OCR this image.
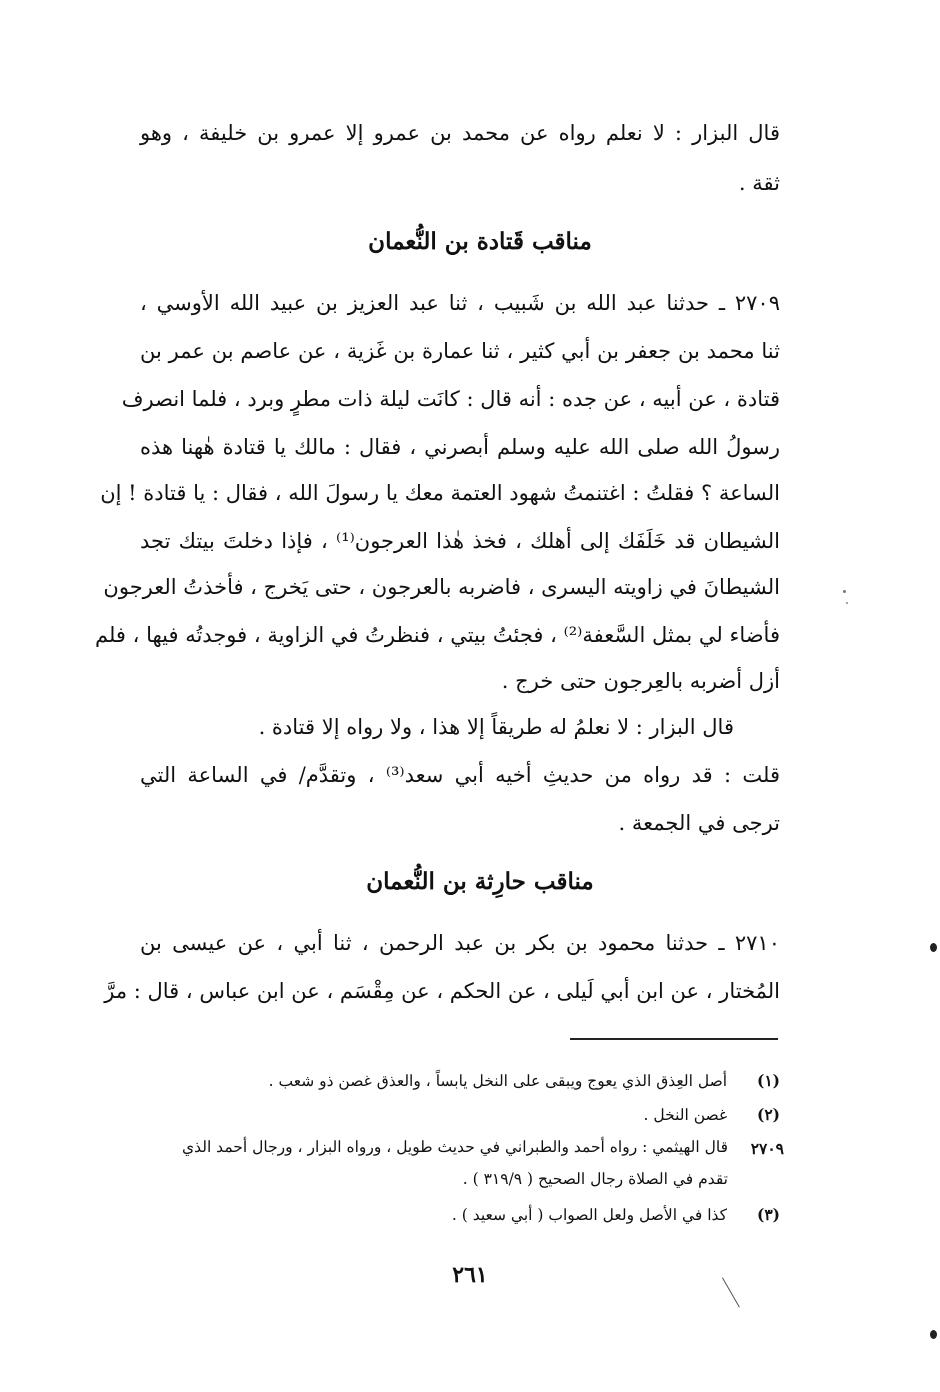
قال البزار : لا نعلم رواه عن محمد بن عمرو إلا عمرو بن خليفة ، وهو
ثقة .
مناقب قَتادة بن النُّعمان
٢٧٠٩ ـ حدثنا عبد الله بن شَبيب ، ثنا عبد العزيز بن عبيد الله الأوسي ،
ثنا محمد بن جعفر بن أبي كثير ، ثنا عمارة بن غَزية ، عن عاصم بن عمر بن
قتادة ، عن أبيه ، عن جده : أنه قال : كانَت ليلة ذات مطرٍ وبرد ، فلما انصرف
رسولُ الله صلى الله عليه وسلم أبصرني ، فقال : مالك يا قتادة هٰهنا هذه
الساعة ؟ فقلتُ : اغتنمتُ شهود العتمة معك يا رسولَ الله ، فقال : يا قتادة ! إن
الشيطان قد خَلَفَك إلى أهلك ، فخذ هٰذا العرجون⁽¹⁾ ، فإذا دخلتَ بيتك تجد
الشيطانَ في زاويته اليسرى ، فاضربه بالعرجون ، حتى يَخرج ، فأخذتُ العرجون
فأضاء لي بمثل السَّعفة⁽²⁾ ، فجئتُ بيتي ، فنظرتُ في الزاوية ، فوجدتُه فيها ، فلم
أزل أضربه بالعِرجون حتى خرج .
قال البزار : لا نعلمُ له طريقاً إلا هذا ، ولا رواه إلا قتادة .
قلت : قد رواه من حديثِ أخيه أبي سعد⁽³⁾ ، وتقدَّم/ في الساعة التي
ترجى في الجمعة .
مناقب حارِثة بن النُّعمان
٢٧١٠ ـ حدثنا محمود بن بكر بن عبد الرحمن ، ثنا أبي ، عن عيسى بن
المُختار ، عن ابن أبي لَيلى ، عن الحكم ، عن مِقْسَم ، عن ابن عباس ، قال : مرَّ
(١) أصل العِذق الذي يعوج ويبقى على النخل يابساً ، والعذق غصن ذو شعب .
(٢) غصن النخل .
٢٧٠٩
قال الهيثمي : رواه أحمد والطبراني في حديث طويل ، ورواه البزار ، ورجال أحمد الذي
تقدم في الصلاة رجال الصحيح ( ٣١٩/٩ ) .
(٣) كذا في الأصل ولعل الصواب ( أبي سعيد ) .
٢٦١
